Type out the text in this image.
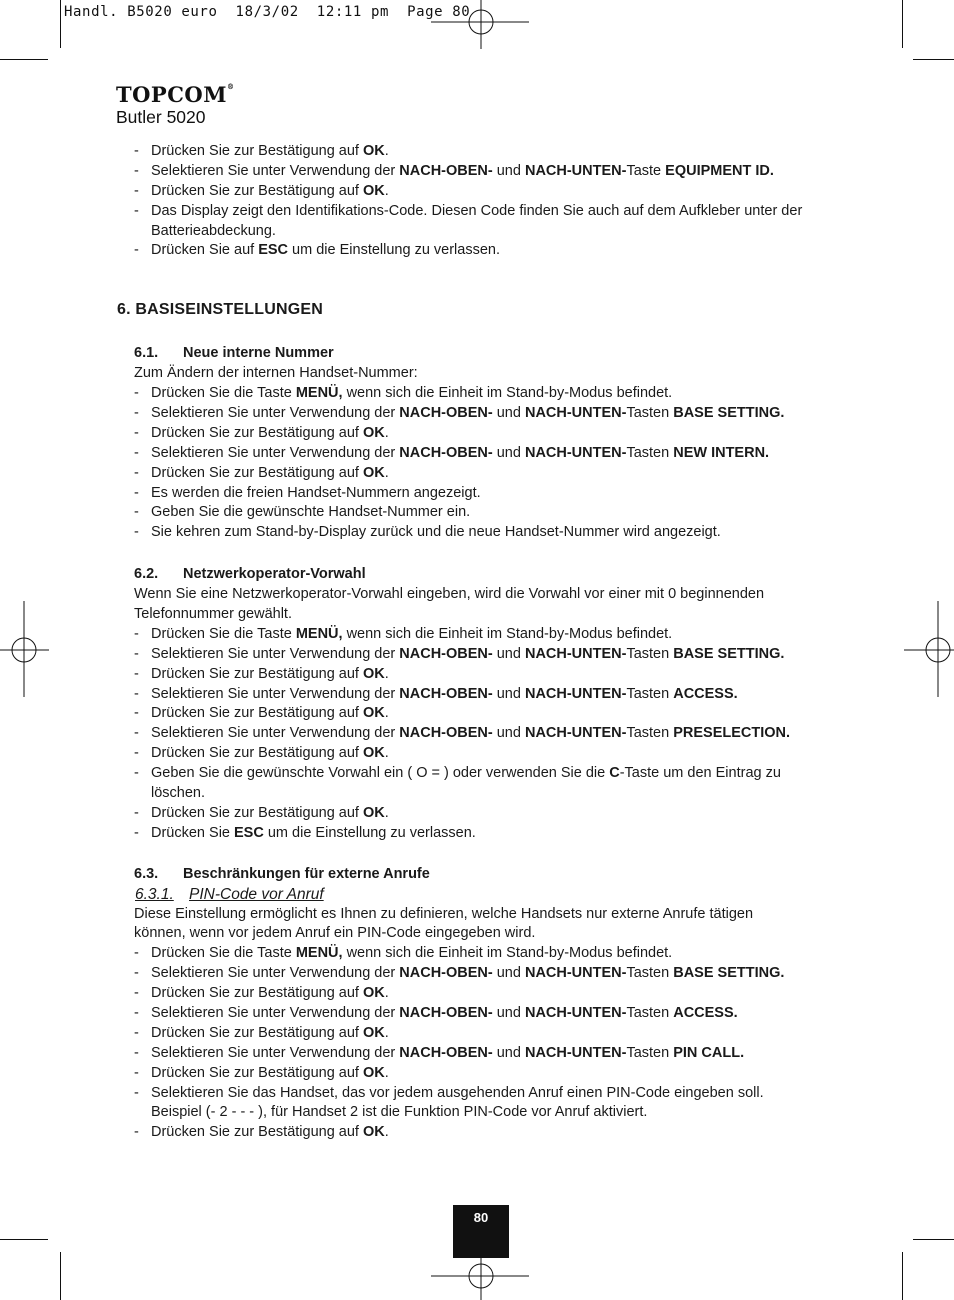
Handl. B5020 euro  18/3/02  12:11 pm  Page 80
TOPCOM®
Butler 5020
6. BASISEINSTELLUNGEN
- Drücken Sie zur Bestätigung auf OK.
- Selektieren Sie unter Verwendung der NACH-OBEN- und NACH-UNTEN-Taste EQUIPMENT ID.
- Drücken Sie zur Bestätigung auf OK.
- Das Display zeigt den Identifikations-Code. Diesen Code finden Sie auch auf dem Aufkleber unter der
Batterieabdeckung.
- Drücken Sie auf ESC um die Einstellung zu verlassen.
6.1. Neue interne Nummer
Zum Ändern der internen Handset-Nummer:
- Drücken Sie die Taste MENÜ, wenn sich die Einheit im Stand-by-Modus befindet.
- Selektieren Sie unter Verwendung der NACH-OBEN- und NACH-UNTEN-Tasten BASE SETTING.
- Drücken Sie zur Bestätigung auf OK.
- Selektieren Sie unter Verwendung der NACH-OBEN- und NACH-UNTEN-Tasten NEW INTERN.
- Drücken Sie zur Bestätigung auf OK.
- Es werden die freien Handset-Nummern angezeigt.
- Geben Sie die gewünschte Handset-Nummer ein.
- Sie kehren zum Stand-by-Display zurück und die neue Handset-Nummer wird angezeigt.
6.2. Netzwerkoperator-Vorwahl
Wenn Sie eine Netzwerkoperator-Vorwahl eingeben, wird die Vorwahl vor einer mit 0 beginnenden
Telefonnummer gewählt.
- Drücken Sie die Taste MENÜ, wenn sich die Einheit im Stand-by-Modus befindet.
- Selektieren Sie unter Verwendung der NACH-OBEN- und NACH-UNTEN-Tasten BASE SETTING.
- Drücken Sie zur Bestätigung auf OK.
- Selektieren Sie unter Verwendung der NACH-OBEN- und NACH-UNTEN-Tasten ACCESS.
- Drücken Sie zur Bestätigung auf OK.
- Selektieren Sie unter Verwendung der NACH-OBEN- und NACH-UNTEN-Tasten PRESELECTION.
- Drücken Sie zur Bestätigung auf OK.
- Geben Sie die gewünschte Vorwahl ein ( O = ) oder verwenden Sie die C-Taste um den Eintrag zu
löschen.
- Drücken Sie zur Bestätigung auf OK.
- Drücken Sie ESC um die Einstellung zu verlassen.
6.3. Beschränkungen für externe Anrufe
6.3.1. PIN-Code vor Anruf
Diese Einstellung ermöglicht es Ihnen zu definieren, welche Handsets nur externe Anrufe tätigen
können, wenn vor jedem Anruf ein PIN-Code eingegeben wird.
- Drücken Sie die Taste MENÜ, wenn sich die Einheit im Stand-by-Modus befindet.
- Selektieren Sie unter Verwendung der NACH-OBEN- und NACH-UNTEN-Tasten BASE SETTING.
- Drücken Sie zur Bestätigung auf OK.
- Selektieren Sie unter Verwendung der NACH-OBEN- und NACH-UNTEN-Tasten ACCESS.
- Drücken Sie zur Bestätigung auf OK.
- Selektieren Sie unter Verwendung der NACH-OBEN- und NACH-UNTEN-Tasten PIN CALL.
- Drücken Sie zur Bestätigung auf OK.
- Selektieren Sie das Handset, das vor jedem ausgehenden Anruf einen PIN-Code eingeben soll.
Beispiel (- 2 - - - ), für Handset 2 ist die Funktion PIN-Code vor Anruf aktiviert.
- Drücken Sie zur Bestätigung auf OK.
80
